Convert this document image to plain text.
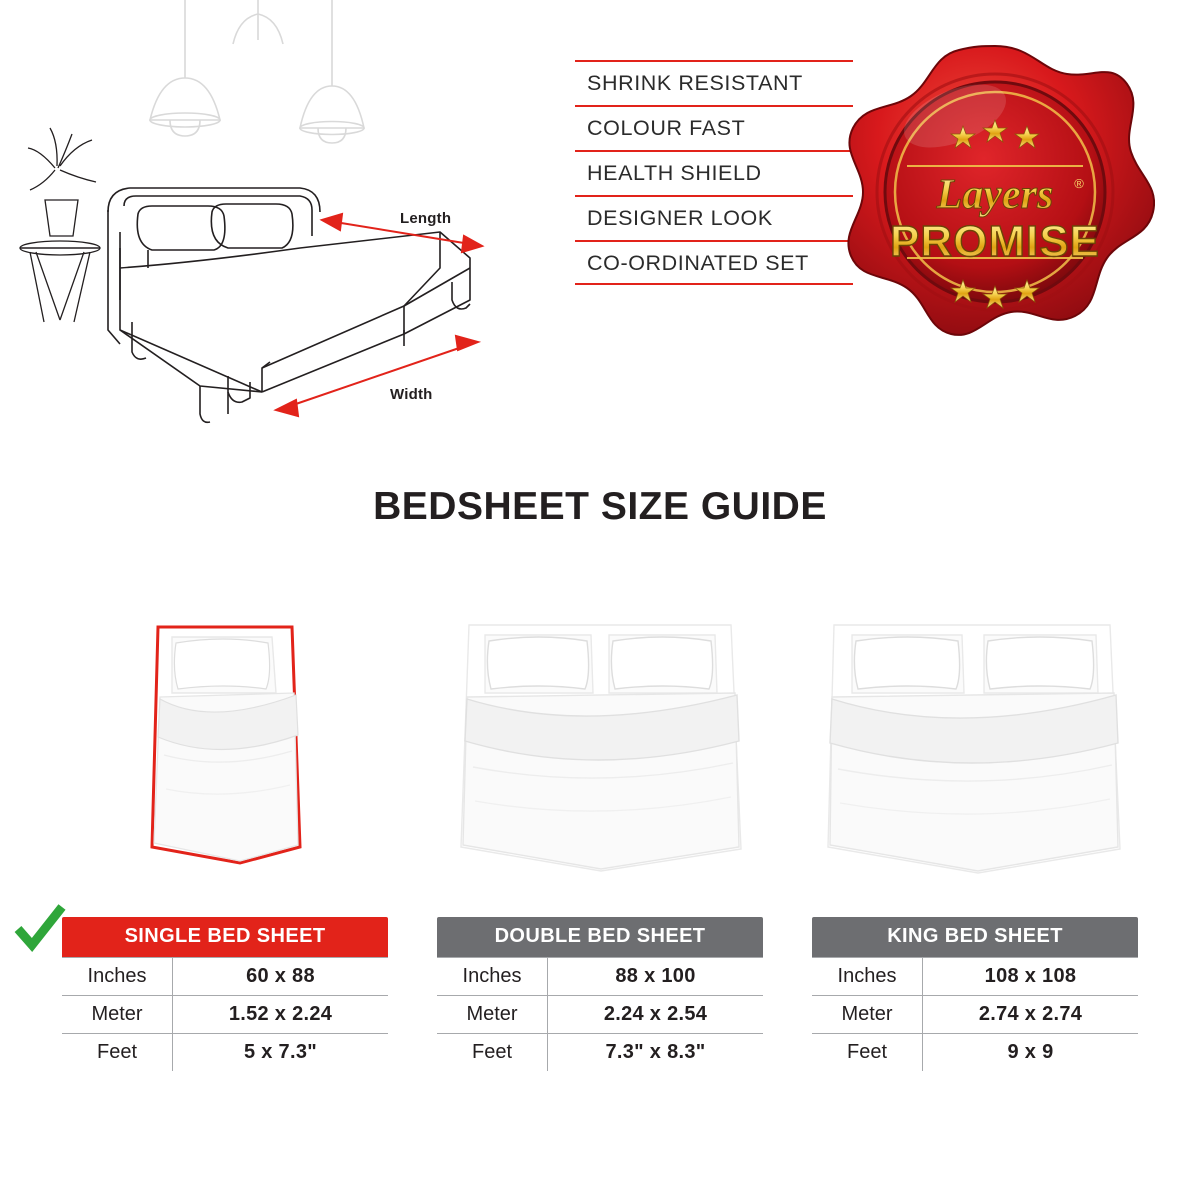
Length
Width
SHRINK RESISTANT
COLOUR FAST
HEALTH SHIELD
DESIGNER LOOK
CO-ORDINATED SET
Layers ®
PROMISE
BEDSHEET SIZE GUIDE
SINGLE BED SHEET	
Inches	60 x 88
Meter	1.52 x 2.24
Feet	5 x 7.3"
DOUBLE BED SHEET	
Inches	88 x 100
Meter	2.24 x 2.54
Feet	7.3" x 8.3"
KING BED SHEET	
Inches	108 x 108
Meter	2.74 x 2.74
Feet	9 x 9
